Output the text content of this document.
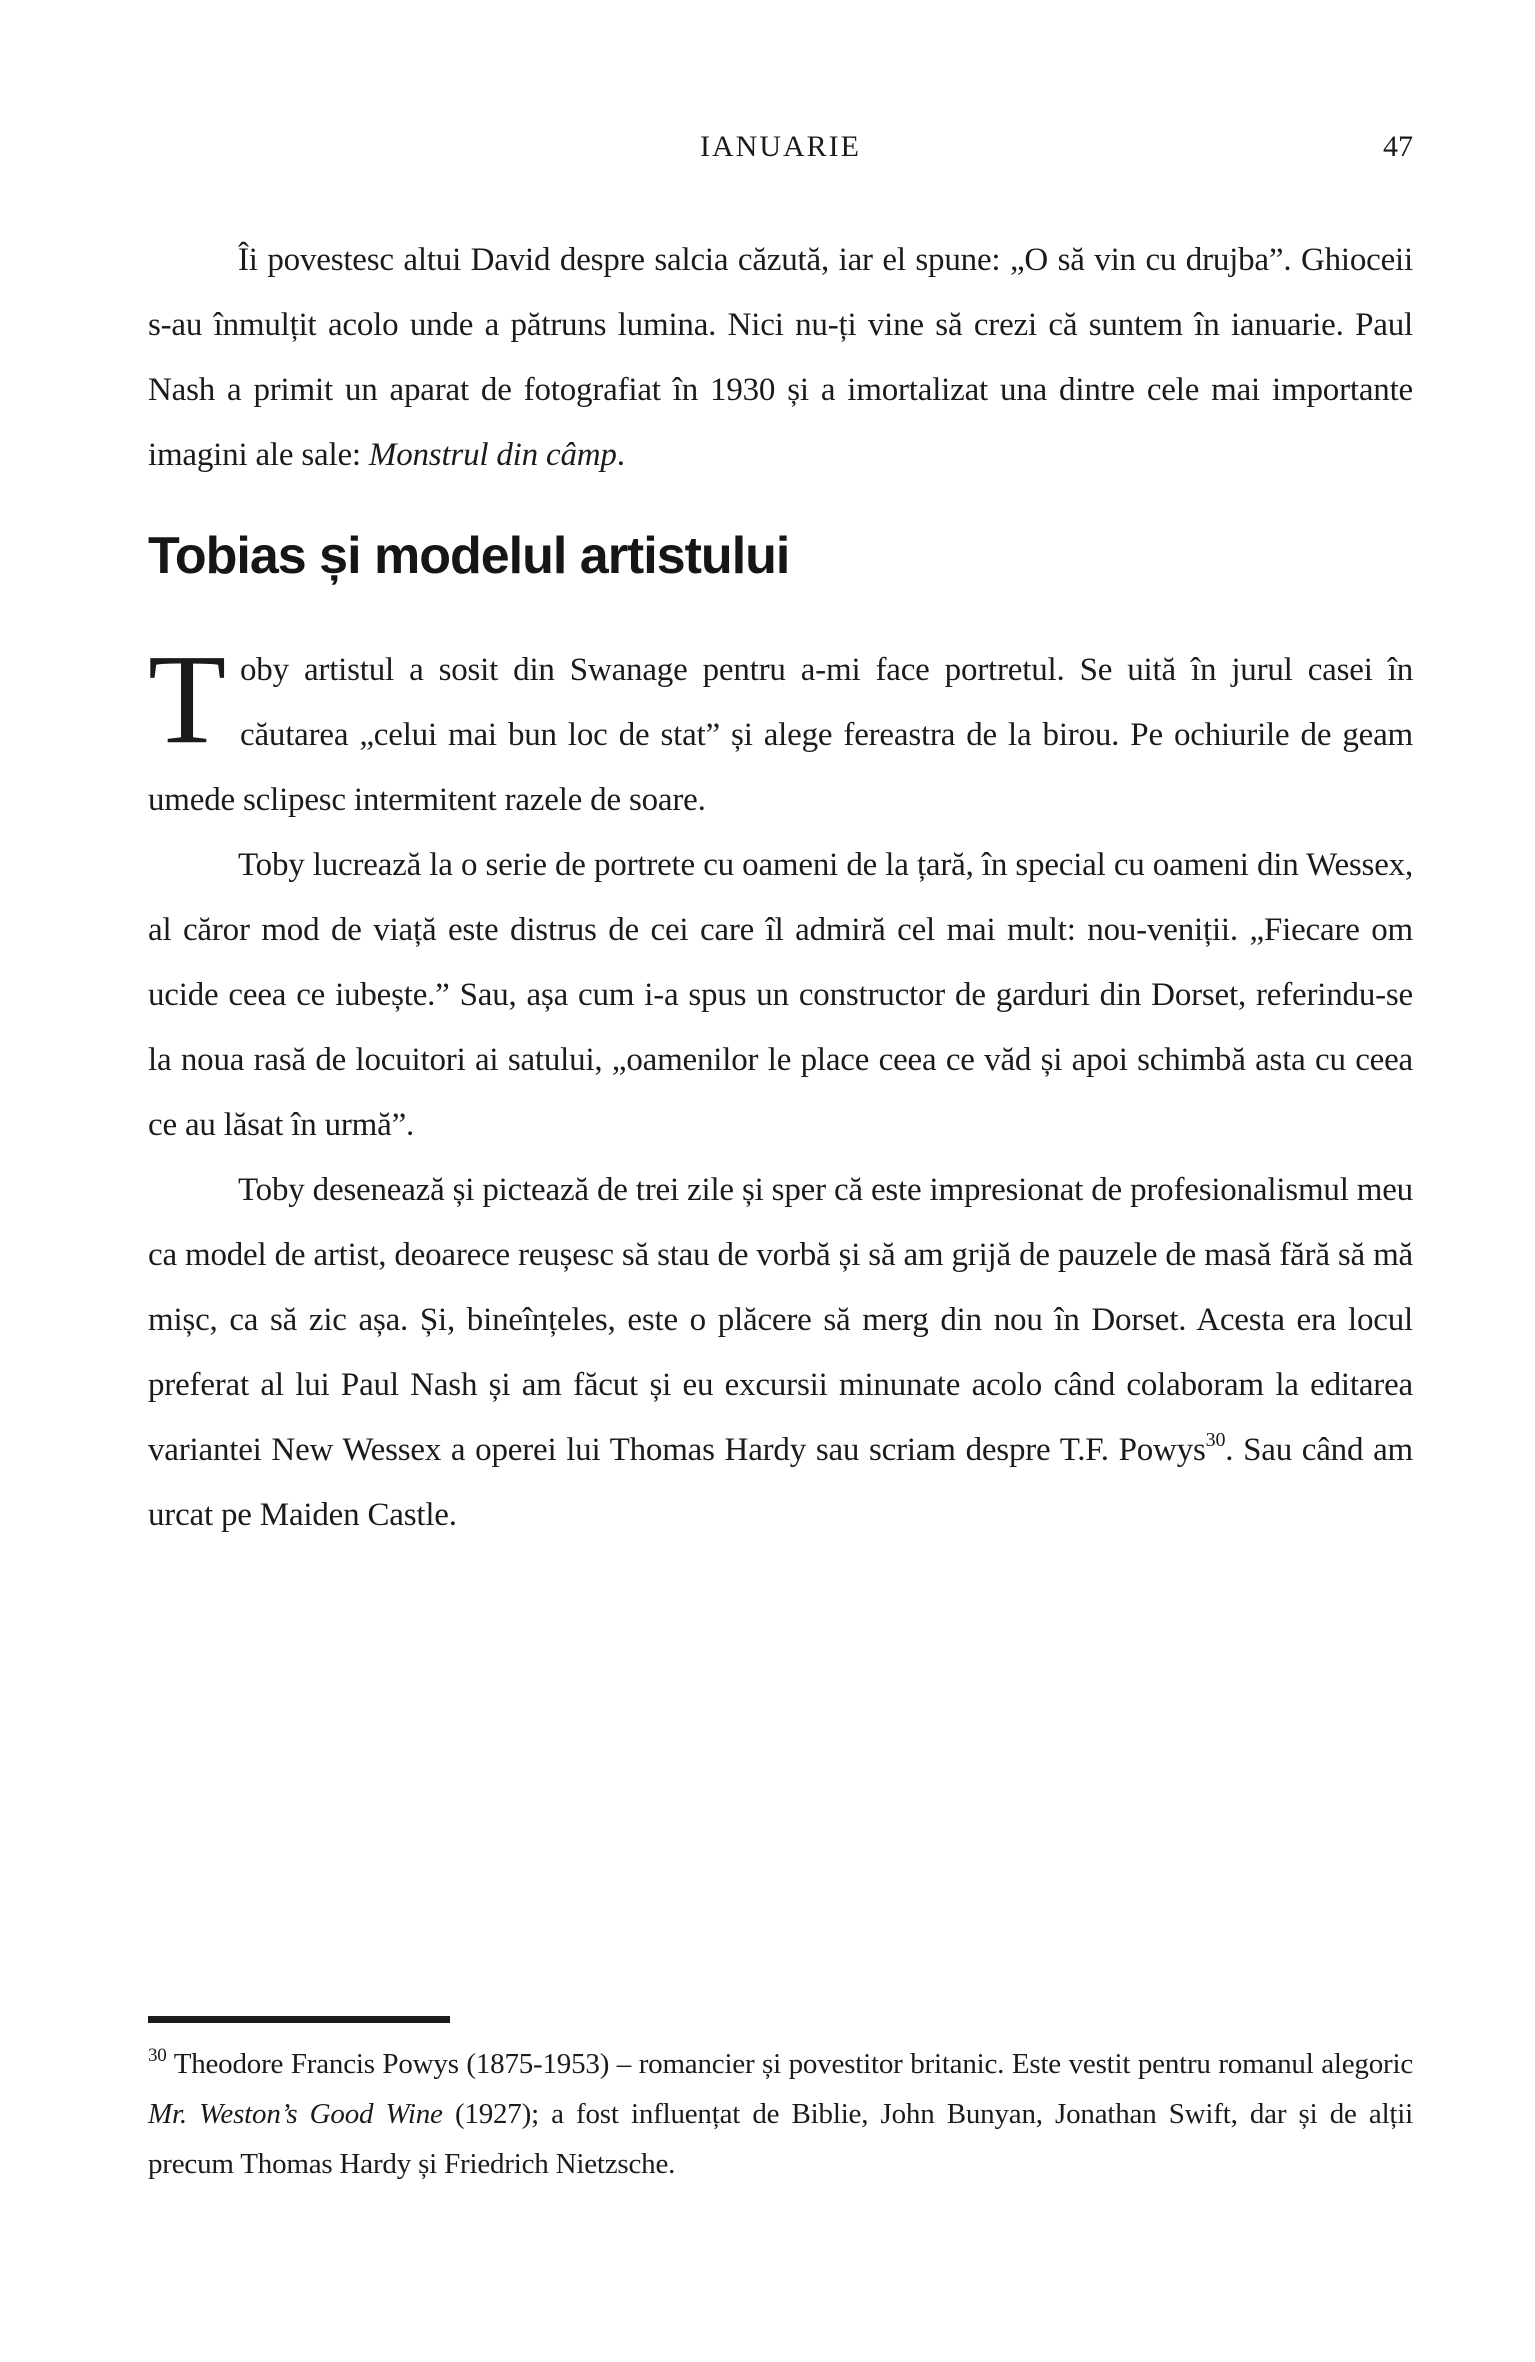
IANUARIE	47

Îi povestesc altui David despre salcia căzută, iar el spune: „O să vin cu drujba”. Ghioceii s-au înmulțit acolo unde a pătruns lumina. Nici nu-ți vine să crezi că suntem în ianuarie. Paul Nash a primit un aparat de fotografiat în 1930 și a imortalizat una dintre cele mai importante imagini ale sale: Monstrul din câmp.

Tobias și modelul artistului

Toby artistul a sosit din Swanage pentru a-mi face portretul. Se uită în jurul casei în căutarea „celui mai bun loc de stat” și alege fereastra de la birou. Pe ochiurile de geam umede sclipesc intermitent razele de soare.

Toby lucrează la o serie de portrete cu oameni de la țară, în special cu oameni din Wessex, al căror mod de viață este distrus de cei care îl admiră cel mai mult: nou-veniții. „Fiecare om ucide ceea ce iubește.” Sau, așa cum i-a spus un constructor de garduri din Dorset, referindu-se la noua rasă de locuitori ai satului, „oamenilor le place ceea ce văd și apoi schimbă asta cu ceea ce au lăsat în urmă”.

Toby desenează și pictează de trei zile și sper că este impresionat de profesionalismul meu ca model de artist, deoarece reușesc să stau de vorbă și să am grijă de pauzele de masă fără să mă mișc, ca să zic așa. Și, bineînțeles, este o plăcere să merg din nou în Dorset. Acesta era locul preferat al lui Paul Nash și am făcut și eu excursii minunate acolo când colaboram la editarea variantei New Wessex a operei lui Thomas Hardy sau scriam despre T.F. Powys$^{30}$. Sau când am urcat pe Maiden Castle.

$^{30}$ Theodore Francis Powys (1875-1953) – romancier și povestitor britanic. Este vestit pentru romanul alegoric Mr. Weston’s Good Wine (1927); a fost influențat de Biblie, John Bunyan, Jonathan Swift, dar și de alții precum Thomas Hardy și Friedrich Nietzsche.
